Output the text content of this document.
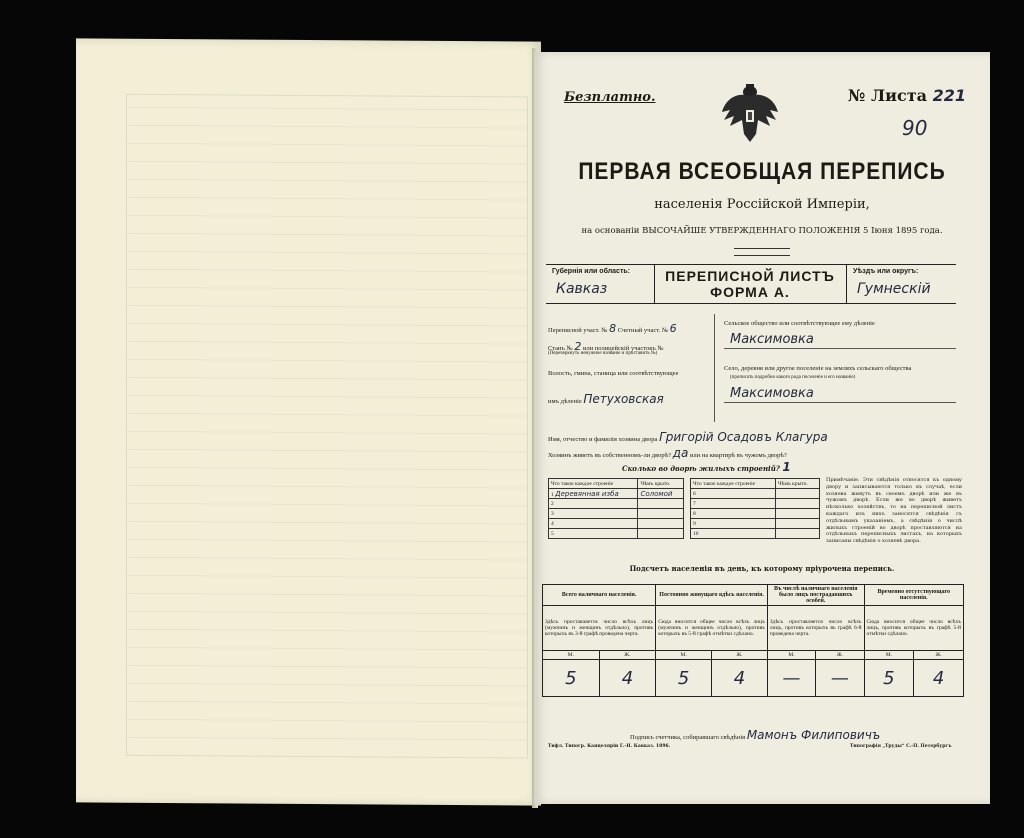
Безплатно.	№ Листа 221
90
ПЕРВАЯ ВСЕОБЩАЯ ПЕРЕПИСЬ
населенія Россійской Имперіи,
на основаніи ВЫСОЧАЙШЕ УТВЕРЖДЕННАГО ПОЛОЖЕНІЯ 5 Іюня 1895 года.
Губернія или область:
Кавказ
ПЕРЕПИСНОЙ ЛИСТЪ
ФОРМА А.
Уѣздъ или округъ:
Гумнескій
Переписной участ. № 8 Счетный участ. № 6
Станъ № 2 или полицейскій участокъ №
(Перечеркнуть ненужное названіе и проставить №)
Волость, гмина, станица или соотвѣтствующее
имъ дѣленіе Петуховская
Сельское общество или соотвѣтствующее ему дѣленіе
Максимовка
Село, деревня или другое поселеніе на земляхъ сельскаго общества
(прописать подробно какого рода поселеніе и его названіе)
Максимовка
Имя, отчество и фамилія хозяина двора Григорій Осадовъ Клагура
Хозяинъ живетъ въ собственномъ-ли дворѣ? да или на квартирѣ въ чужомъ дворѣ?
Сколько во дворѣ жилыхъ строеній? 1
Что такое каждое строеніе	Чѣмъ крыто.
1 Деревянная изба	Соломой
2	
3	
4	
5	
Что такое каждое строеніе	Чѣмъ крыто.
6	
7	
8	
9	
10	
Примѣчаніе. Эти свѣдѣнія относятся къ одному двору и записываются только въ случаѣ, если хозяева живутъ въ своемъ дворѣ или же въ чужомъ дворѣ. Если же во дворѣ живетъ нѣсколько хозяйствъ, то на переписной листъ каждаго изъ нихъ заносятся свѣдѣнія съ отдѣльнымъ указаніемъ, а свѣдѣнія о числѣ жилыхъ строеній во дворѣ проставляются на отдѣльныхъ переписныхъ листахъ, на которыхъ записаны свѣдѣнія о хозяевѣ двора.
Подсчетъ населенія въ день, къ которому пріурочена перепись.
Всего наличнаго населенія.		Постоянно живущаго вдѣсь населенія.		Въ числѣ наличнаго населенія было лицъ пострадавшихъ особей.		Временно отсутствующаго населенія.	
Здѣсь проставляется число всѣхъ лицъ (мужчинъ и женщинъ отдѣльно), противъ которыхъ въ 3-й графѣ проведена черта.		Сюда вносится общее число всѣхъ лицъ (мужчинъ и женщинъ отдѣльно), противъ которыхъ въ 5-й графѣ отмѣтки сдѣлано.		Здѣсь проставляется число всѣхъ лицъ, противъ которыхъ въ графѣ 6-й проведена черта.		Сюда вносится общее число всѣхъ лицъ, противъ которыхъ въ графѣ 5-й отмѣтки сдѣлано.	
М.	Ж.	М.	Ж.	М.	Ж.	М.	Ж.
5	4	5	4	—	—	5	4
Подпись счетчика, собиравшаго свѣдѣнія Мамонъ Филиповичъ
Тифл. Типогр. Канцеляріи Г.-Н. Кавказ. 1896.	Типографія „Труды“ С.-П. Петербургъ
